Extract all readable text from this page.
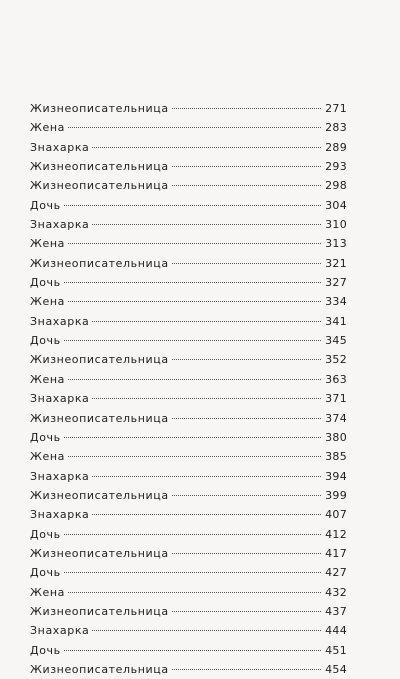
Жизнеописательница	271
Жена	283
Знахарка	289
Жизнеописательница	293
Жизнеописательница	298
Дочь	304
Знахарка	310
Жена	313
Жизнеописательница	321
Дочь	327
Жена	334
Знахарка	341
Дочь	345
Жизнеописательница	352
Жена	363
Знахарка	371
Жизнеописательница	374
Дочь	380
Жена	385
Знахарка	394
Жизнеописательница	399
Знахарка	407
Дочь	412
Жизнеописательница	417
Дочь	427
Жена	432
Жизнеописательница	437
Знахарка	444
Дочь	451
Жизнеописательница	454
